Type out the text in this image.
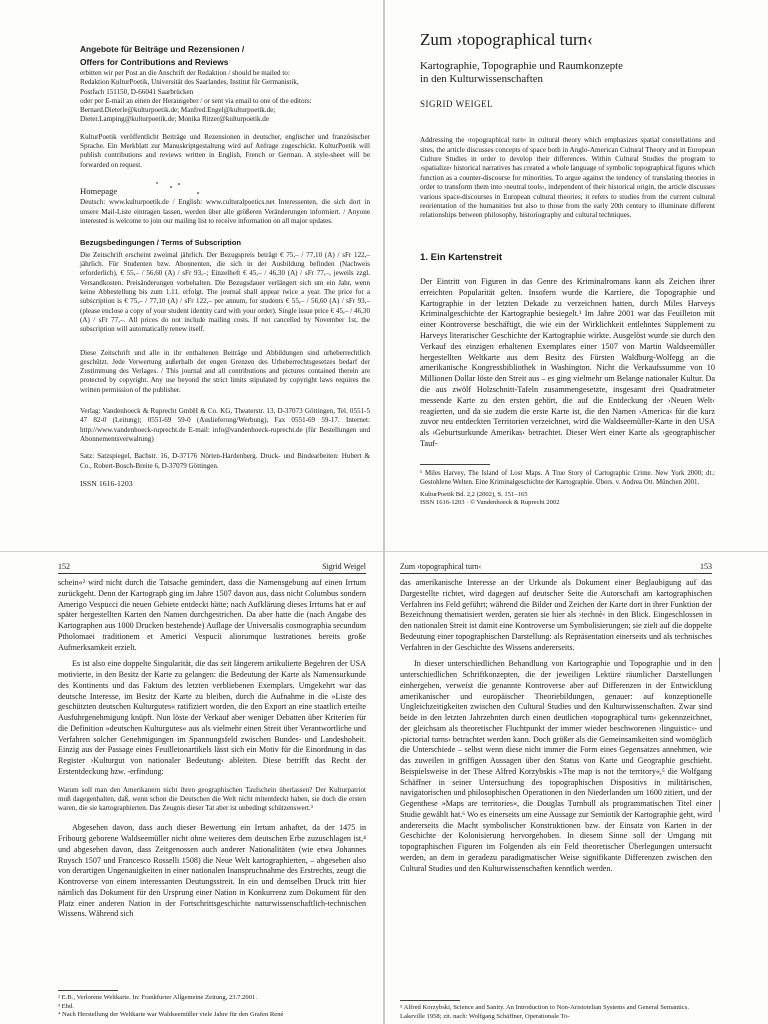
Angebote für Beiträge und Rezensionen /
Offers for Contributions and Reviews
erbitten wir per Post an die Anschrift der Redaktion / should be mailed to:
Redaktion KulturPoetik, Universität des Saarlandes, Institut für Germanistik,
Postfach 151150, D-66041 Saarbrücken
oder per E-mail an einen der Herausgeber / or sent via email to one of the editors:
Bernard.Dieterle@kulturpoetik.de; Manfred.Engel@kulturpoetik.de;
Dieter.Lamping@kulturpoetik.de; Monika Ritzer@kulturpoetik.de
KulturPoetik veröffentlicht Beiträge und Rezensionen in deutscher, englischer und französischer Sprache. Ein Merkblatt zur Manuskriptgestaltung wird auf Anfrage zugeschickt. KulturPoetik will publish contributions and reviews written in English, French or German. A style-sheet will be forwarded on request.
Homepage
Deutsch: www.kulturpoetik.de / English: www.culturalpoetics.net Interessenten, die sich dort in unsere Mail-Liste eintragen lassen, werden über alle größeren Veränderungen informiert. / Anyone interested is welcome to join our mailing list to receive information on all major updates.
Bezugsbedingungen / Terms of Subscription
Die Zeitschrift erscheint zweimal jährlich. Der Bezugspreis beträgt € 75,– / 77,10 (A) / sFr 122,– jährlich. Für Studenten bzw. Abonnenten, die sich in der Ausbildung befinden (Nachweis erforderlich), € 55,– / 56,60 (A) / sFr 93,–; Einzelheft € 45,– / 46,30 (A) / sFr 77,–, jeweils zzgl. Versandkosten. Preisänderungen vorbehalten. Die Bezugsdauer verlängert sich um ein Jahr, wenn keine Abbestellung bis zum 1.11. erfolgt. The journal shall appear twice a year. The price for a subscription is € 75,– / 77,10 (A) / sFr 122,– per annum, for students € 55,– / 56,60 (A) / sFr 93,– (please enclose a copy of your student identity card with your order). Single issue price € 45,– / 46,30 (A) / sFr 77,–. All prices do not include mailing costs. If not cancelled by November 1st, the subscription will automatically renew itself.
Diese Zeitschrift und alle in ihr enthaltenen Beiträge und Abbildungen sind urheberrechtlich geschützt. Jede Verwertung außerhalb der engen Grenzen des Urheberrechtsgesetzes bedarf der Zustimmung des Verlages. / This journal and all contributions and pictures contained therein are protected by copyright. Any use beyond the strict limits stipulated by copyright laws requires the written permission of the publisher.
Verlag: Vandenhoeck & Ruprecht GmbH & Co. KG, Theaterstr. 13, D-37073 Göttingen, Tel. 0551-5 47 82-0 (Leitung); 0551-69 59-0 (Auslieferung/Werbung), Fax 0551-69 59-17. Internet: http://www.vandenhoeck-ruprecht.de E-mail: info@vandenhoeck-ruprecht.de (für Bestellungen und Abonnementsverwaltung)
Satz: Satzspiegel, Bachstr. 16, D-37176 Nörten-Hardenberg. Druck- und Bindearbeiten: Hubert & Co., Robert-Bosch-Breite 6, D-37079 Göttingen.
ISSN 1616-1203
Zum ›topographical turn‹
Kartographie, Topographie und Raumkonzepte
in den Kulturwissenschaften
SIGRID WEIGEL

Addressing the ›topographical turn‹ in cultural theory which emphasizes spatial constellations and sites, the article discusses concepts of space both in Anglo-American Cultural Theory and in European Culture Studies in order to develop their differences. Within Cultural Studies the program to ›spatialize‹ historical narratives has created a whole language of symbolic topographical figures which function as a counter-discourse for minorities. To argue against the tendency of translating theories in order to transform them into ›neutral tools‹, independent of their historical origin, the article discusses various space-discourses in European cultural theories; it refers to studies from the current cultural reorientation of the humanities but also to those from the early 20th century to illuminate different relationships between philosophy, historiography and cultural techniques.

1. Ein Kartenstreit

Der Eintritt von Figuren in das Genre des Kriminalromans kann als Zeichen ihrer erreichten Popularität gelten. Insofern wurde die Karriere, die Topographie und Kartographie in der letzten Dekade zu verzeichnen hatten, durch Miles Harveys Kriminalgeschichte der Kartographie besiegelt.¹ Im Jahre 2001 war das Feuilleton mit einer Kontroverse beschäftigt, die wie ein der Wirklichkeit entlehntes Supplement zu Harveys literarischer Geschichte der Kartographie wirkte. Ausgelöst wurde sie durch den Verkauf des einzigen erhaltenen Exemplares einer 1507 von Martin Waldseemüller hergestellten Weltkarte aus dem Besitz des Fürsten Waldburg-Wolfegg an die amerikanische Kongressbibliothek in Washington. Nicht die Verkaufssumme von 10 Millionen Dollar löste den Streit aus – es ging vielmehr um Belange nationaler Kultur. Da die aus zwölf Holzschnitt-Tafeln zusammengesetzte, insgesamt drei Quadratmeter messende Karte zu den ersten gehört, die auf die Entdeckung der ›Neuen Welt‹ reagierten, und da sie zudem die erste Karte ist, die den Namen ›America‹ für die kurz zuvor neu entdeckten Territorien verzeichnet, wird die Waldseemüller-Karte in den USA als ›Geburtsurkunde Amerikas‹ betrachtet. Dieser Wert einer Karte als ›geographischer Tauf-

¹ Miles Harvey, The Island of Lost Maps. A True Story of Cartographic Crime. New York 2000; dt.: Gestohlene Welten. Eine Kriminalgeschichte der Kartographie. Übers. v. Andrea Ott. München 2001.
KulturPoetik Bd. 2,2 (2002), S. 151–165
ISSN 1616-1203 · © Vandenhoeck & Ruprecht 2002
152	Sigrid Weigel

schein«² wird nicht durch die Tatsache gemindert, dass die Namensgebung auf einen Irrtum zurückgeht. Denn der Kartograph ging im Jahre 1507 davon aus, dass nicht Columbus sondern Amerigo Vespucci die neuen Gebiete entdeckt hätte; nach Aufklärung dieses Irrtums hat er auf später hergestellten Karten den Namen durchgestrichen. Da aber hatte die (nach Angabe des Kartographen aus 1000 Drucken bestehende) Auflage der Universalis cosmographia secundum Ptholomaei traditionem et Americi Vespucii aliorumque lustrationes bereits große Aufmerksamkeit erzielt.

Es ist also eine doppelte Singularität, die das seit längerem artikulierte Begehren der USA motivierte, in den Besitz der Karte zu gelangen: die Bedeutung der Karte als Namensurkunde des Kontinents und das Faktum des letzten verbliebenen Exemplars. Umgekehrt war das deutsche Interesse, im Besitz der Karte zu bleiben, durch die Aufnahme in die »Liste des geschützten deutschen Kulturgutes« ratifiziert worden, die den Export an eine staatlich erteilte Ausfuhrgenehmigung knüpft. Nun löste der Verkauf aber weniger Debatten über Kriterien für die Definition »deutschen Kulturgutes« aus als vielmehr einen Streit über Verantwortliche und Verfahren solcher Genehmigungen im Spannungsfeld zwischen Bundes- und Landeshoheit. Einzig aus der Passage eines Feuilletonartikels lässt sich ein Motiv für die Einordnung in das Register ›Kulturgut von nationaler Bedeutung‹ ableiten. Diese betrifft das Recht der Erstentdeckung bzw. -erfindung:

Warum soll man den Amerikanern nicht ihren geographischen Taufschein überlassen? Der Kulturpatriot muß dagegenhalten, daß, wenn schon die Deutschen die Welt nicht mitentdeckt haben, sie doch die ersten waren, die sie kartographierten. Das Zeugnis dieser Tat aber ist unbedingt schützenswert.³

Abgesehen davon, dass auch dieser Bewertung ein Irrtum anhaftet, da der 1475 in Fribourg geborene Waldseemüller nicht ohne weiteres dem deutschen Erbe zuzuschlagen ist,⁴ und abgesehen davon, dass Zeitgenossen auch anderer Nationalitäten (wie etwa Johannes Ruysch 1507 und Francesco Rosselli 1508) die Neue Welt kartographierten, – abgesehen also von derartigen Ungenauigkeiten in einer nationalen Inanspruchnahme des Erstrechts, zeugt die Kontroverse von einem interessanten Deutungsstreit. In ein und demselben Druck tritt hier nämlich das Dokument für den Ursprung einer Nation in Konkurrenz zum Dokument für den Platz einer anderen Nation in der Fortschrittsgeschichte naturwissenschaftlich-technischen Wissens. Während sich

² E.B., Verlorene Weltkarte. In: Frankfurter Allgemeine Zeitung, 23.7.2001.
³ Ebd.
⁴ Nach Herstellung der Weltkarte war Waldseemüller viele Jahre für den Grafen René
Zum ›topographical turn‹	153

das amerikanische Interesse an der Urkunde als Dokument einer Beglaubigung auf das Dargestellte richtet, wird dagegen auf deutscher Seite die Autorschaft am kartographischen Verfahren ins Feld geführt; während die Bilder und Zeichen der Karte dort in ihrer Funktion der Bezeichnung thematisiert werden, geraten sie hier als ›technè‹ in den Blick. Eingeschlossen in den nationalen Streit ist damit eine Kontroverse um Symbolisierungen; sie zielt auf die doppelte Bedeutung einer topographischen Darstellung: als Repräsentation einerseits und als technisches Verfahren in der Geschichte des Wissens andererseits.

In dieser unterschiedlichen Behandlung von Kartographie und Topographie und in den unterschiedlichen Schriftkonzepten, die der jeweiligen Lektüre räumlicher Darstellungen einhergehen, verweist die genannte Kontroverse aber auf Differenzen in der Entwicklung amerikanischer und europäischer Theoriebildungen, genauer: auf konzeptionelle Ungleichzeitigkeiten zwischen den Cultural Studies und den Kulturwissenschaften. Zwar sind beide in den letzten Jahrzehnten durch einen deutlichen ›topographical turn‹ gekennzeichnet, der gleichsam als theoretischer Fluchtpunkt der immer wieder beschworenen ›linguistic‹- und ›pictorial turns‹ betrachtet werden kann. Doch größer als die Gemeinsamkeiten sind womöglich die Unterschiede – selbst wenn diese nicht immer die Form eines Gegensatzes annehmen, wie das zuweilen in griffigen Aussagen über den Status von Karte und Geographie geschieht. Beispielsweise in der These Alfred Korzybskis »The map is not the territory«,⁵ die Wolfgang Schäffner in seiner Untersuchung des topographischen Dispositivs in militärischen, navigatorischen und philosophischen Operationen in den Niederlanden um 1600 zitiert, und der Gegenthese »Maps are territories«, die Douglas Turnbull als programmatischen Titel einer Studie gewählt hat.⁶ Wo es einerseits um eine Aussage zur Semiotik der Kartographie geht, wird andererseits die Macht symbolischer Konstruktionen bzw. der Einsatz von Karten in der Geschichte der Kolonisierung hervorgehoben. In diesem Sinne soll der Umgang mit topographischen Figuren im Folgenden als ein Feld theoretischer Überlegungen untersucht werden, an dem in geradezu paradigmatischer Weise signifikante Differenzen zwischen den Cultural Studies und den Kulturwissenschaften kenntlich werden.

⁵ Alfred Korzybski, Science and Sanity. An Introduction to Non-Aristotelian Systems and General Semantics. Lakeville 1958; zit. nach: Wolfgang Schäffner, Operationale To-
